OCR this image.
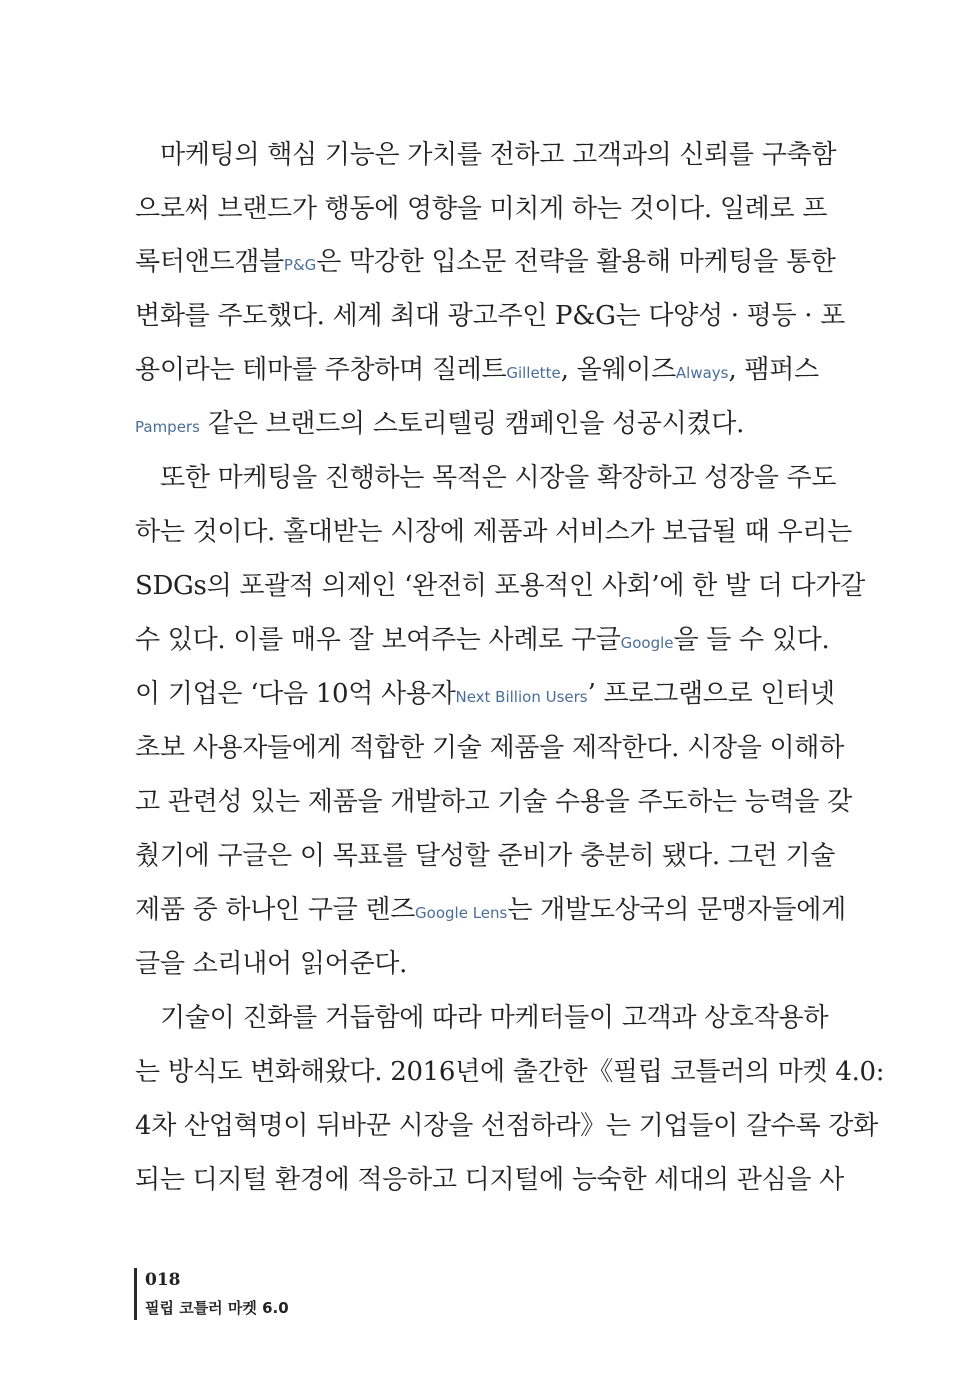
마케팅의 핵심 기능은 가치를 전하고 고객과의 신뢰를 구축함
으로써 브랜드가 행동에 영향을 미치게 하는 것이다. 일례로 프
록터앤드갬블P&G은 막강한 입소문 전략을 활용해 마케팅을 통한
변화를 주도했다. 세계 최대 광고주인 P&G는 다양성 · 평등 · 포
용이라는 테마를 주창하며 질레트Gillette, 올웨이즈Always, 팸퍼스
Pampers 같은 브랜드의 스토리텔링 캠페인을 성공시켰다.
또한 마케팅을 진행하는 목적은 시장을 확장하고 성장을 주도
하는 것이다. 홀대받는 시장에 제품과 서비스가 보급될 때 우리는
SDGs의 포괄적 의제인 ‘완전히 포용적인 사회’에 한 발 더 다가갈
수 있다. 이를 매우 잘 보여주는 사례로 구글Google을 들 수 있다.
이 기업은 ‘다음 10억 사용자Next Billion Users’ 프로그램으로 인터넷
초보 사용자들에게 적합한 기술 제품을 제작한다. 시장을 이해하
고 관련성 있는 제품을 개발하고 기술 수용을 주도하는 능력을 갖
췄기에 구글은 이 목표를 달성할 준비가 충분히 됐다. 그런 기술
제품 중 하나인 구글 렌즈Google Lens는 개발도상국의 문맹자들에게
글을 소리내어 읽어준다.
기술이 진화를 거듭함에 따라 마케터들이 고객과 상호작용하
는 방식도 변화해왔다. 2016년에 출간한《필립 코틀러의 마켓 4.0:
4차 산업혁명이 뒤바꾼 시장을 선점하라》는 기업들이 갈수록 강화
되는 디지털 환경에 적응하고 디지털에 능숙한 세대의 관심을 사
018
필립 코틀러 마켓 6.0
